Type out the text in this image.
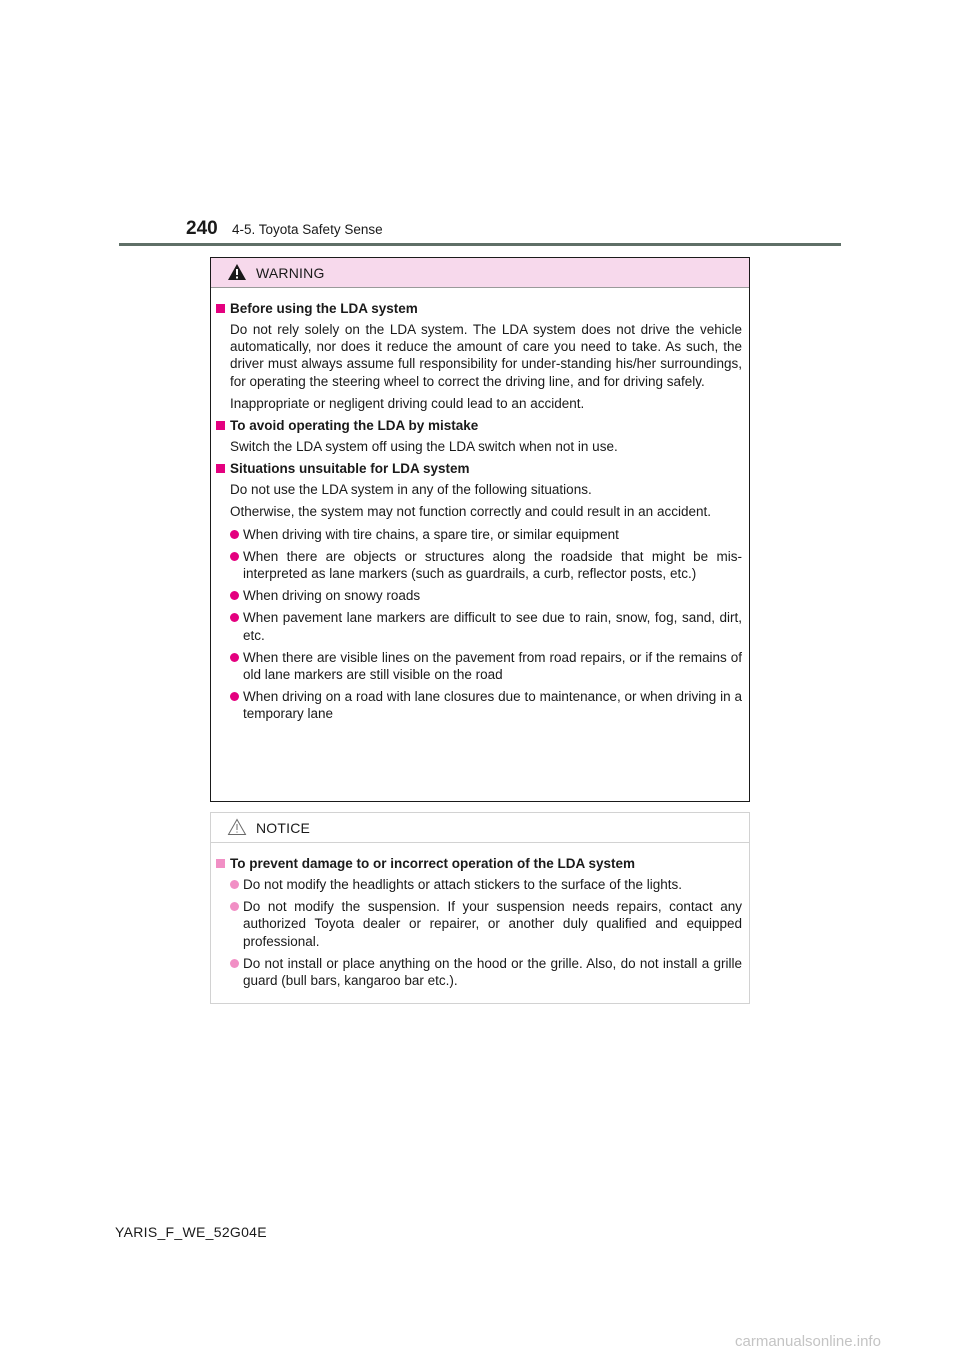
240 4-5. Toyota Safety Sense
WARNING
Before using the LDA system

Do not rely solely on the LDA system. The LDA system does not drive the vehicle automatically, nor does it reduce the amount of care you need to take. As such, the driver must always assume full responsibility for under-standing his/her surroundings, for operating the steering wheel to correct the driving line, and for driving safely.

Inappropriate or negligent driving could lead to an accident.

To avoid operating the LDA by mistake

Switch the LDA system off using the LDA switch when not in use.

Situations unsuitable for LDA system

Do not use the LDA system in any of the following situations.

Otherwise, the system may not function correctly and could result in an accident.

When driving with tire chains, a spare tire, or similar equipment
When there are objects or structures along the roadside that might be mis-interpreted as lane markers (such as guardrails, a curb, reflector posts, etc.)
When driving on snowy roads
When pavement lane markers are difficult to see due to rain, snow, fog, sand, dirt, etc.
When there are visible lines on the pavement from road repairs, or if the remains of old lane markers are still visible on the road
When driving on a road with lane closures due to maintenance, or when driving in a temporary lane
NOTICE
To prevent damage to or incorrect operation of the LDA system
Do not modify the headlights or attach stickers to the surface of the lights.
Do not modify the suspension. If your suspension needs repairs, contact any authorized Toyota dealer or repairer, or another duly qualified and equipped professional.
Do not install or place anything on the hood or the grille. Also, do not install a grille guard (bull bars, kangaroo bar etc.).
YARIS_F_WE_52G04E
carmanualsonline.info
